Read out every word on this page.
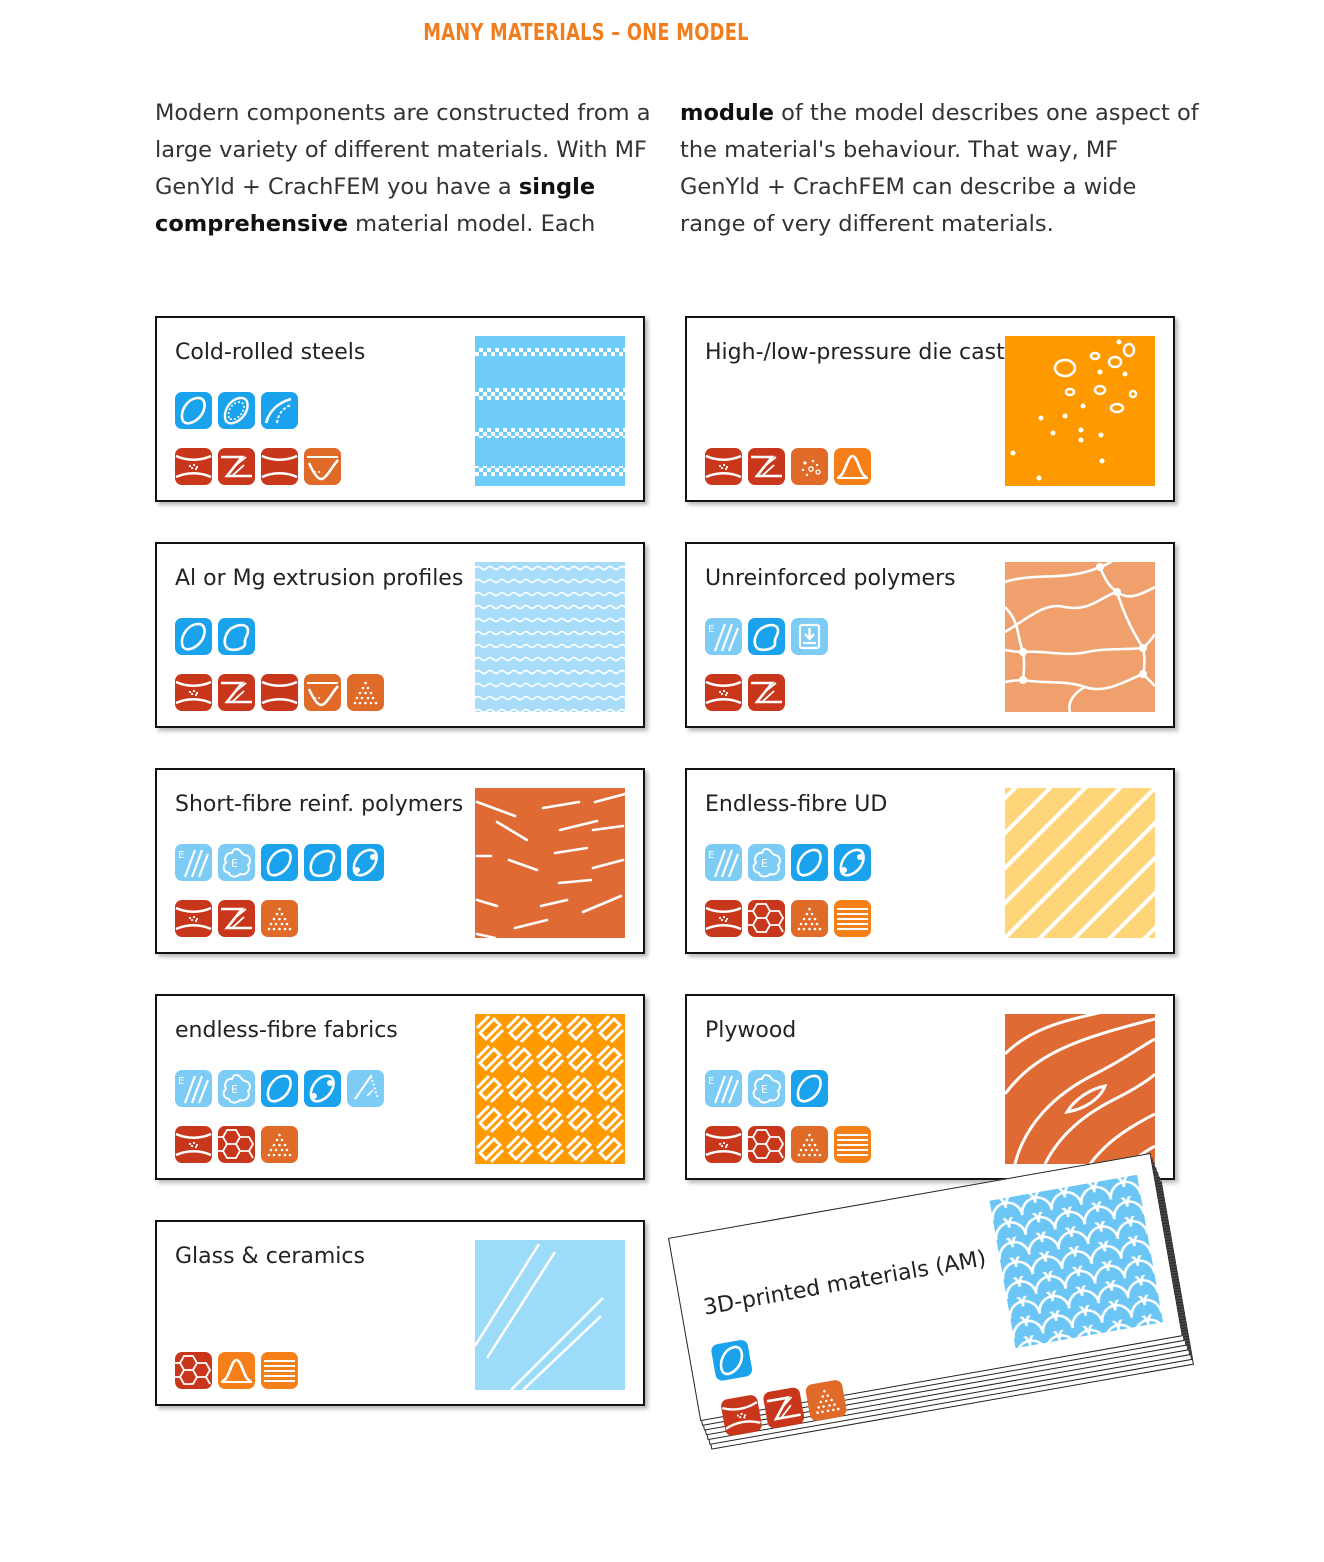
MANY MATERIALS – ONE MODEL
Modern components are constructed from a large variety of different materials. With MF GenYld + CrachFEM you have a single comprehensive material model. Each
module of the model describes one aspect of the material's behaviour. That way, MF GenYld + CrachFEM can describe a wide range of very different materials.
Cold-rolled steels	High-/low-pressure die cast
Al or Mg extrusion profiles	Unreinforced polymers
Short-fibre reinf. polymers	Endless-fibre UD
endless-fibre fabrics	Plywood
Glass & ceramics	3D-printed materials (AM)
